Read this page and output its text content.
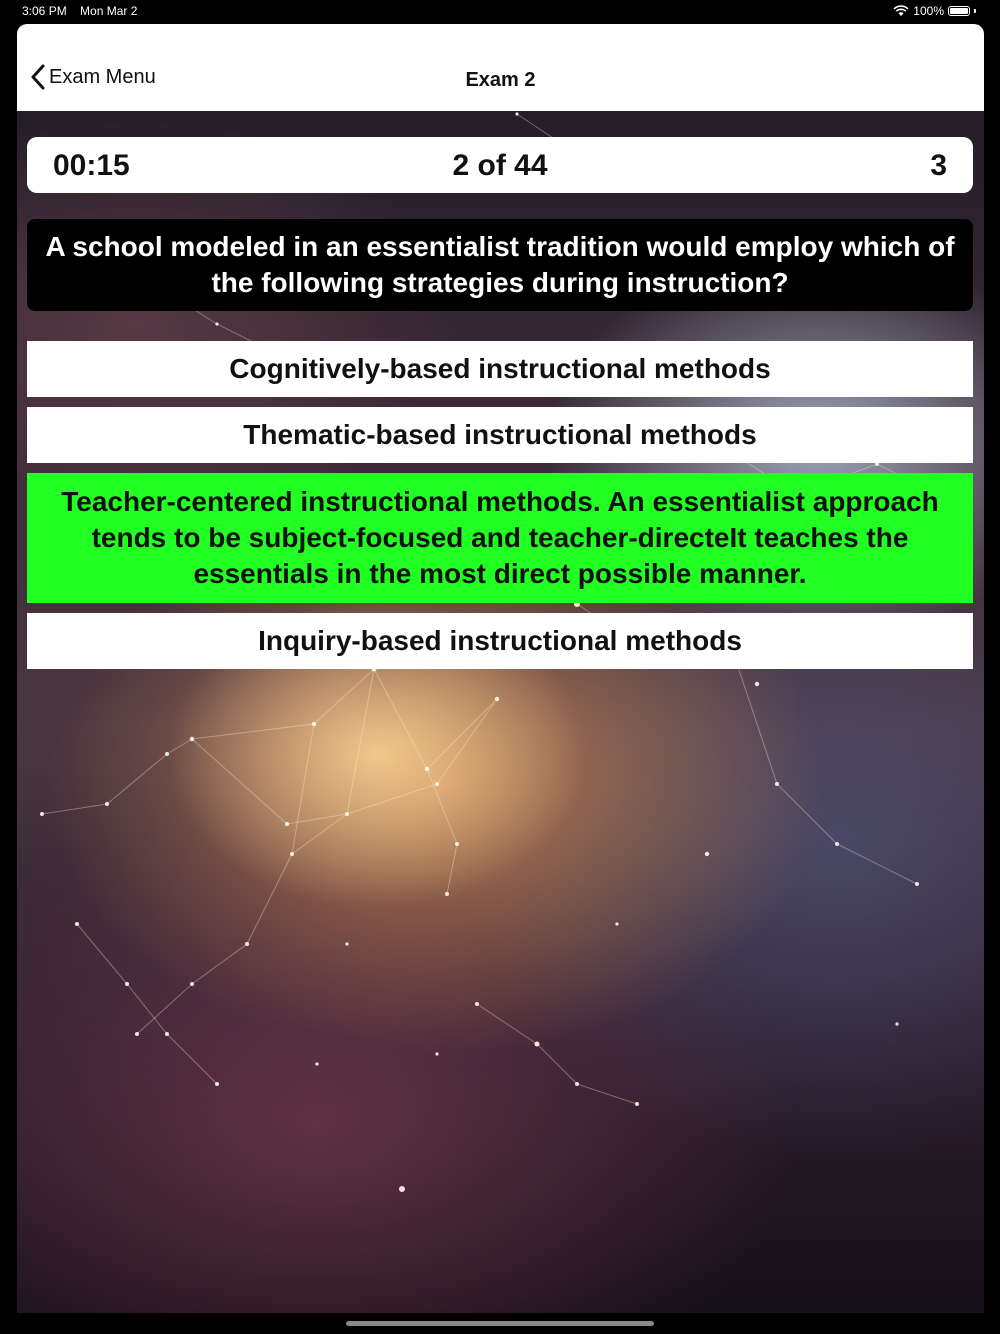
3:06 PM Mon Mar 2	100%
Exam Menu	Exam 2
00:15	2 of 44	3
A school modeled in an essentialist tradition would employ which of the following strategies during instruction?
Cognitively-based instructional methods
Thematic-based instructional methods
Teacher-centered instructional methods. An essentialist approach tends to be subject-focused and teacher-directeIt teaches the essentials in the most direct possible manner.
Inquiry-based instructional methods
